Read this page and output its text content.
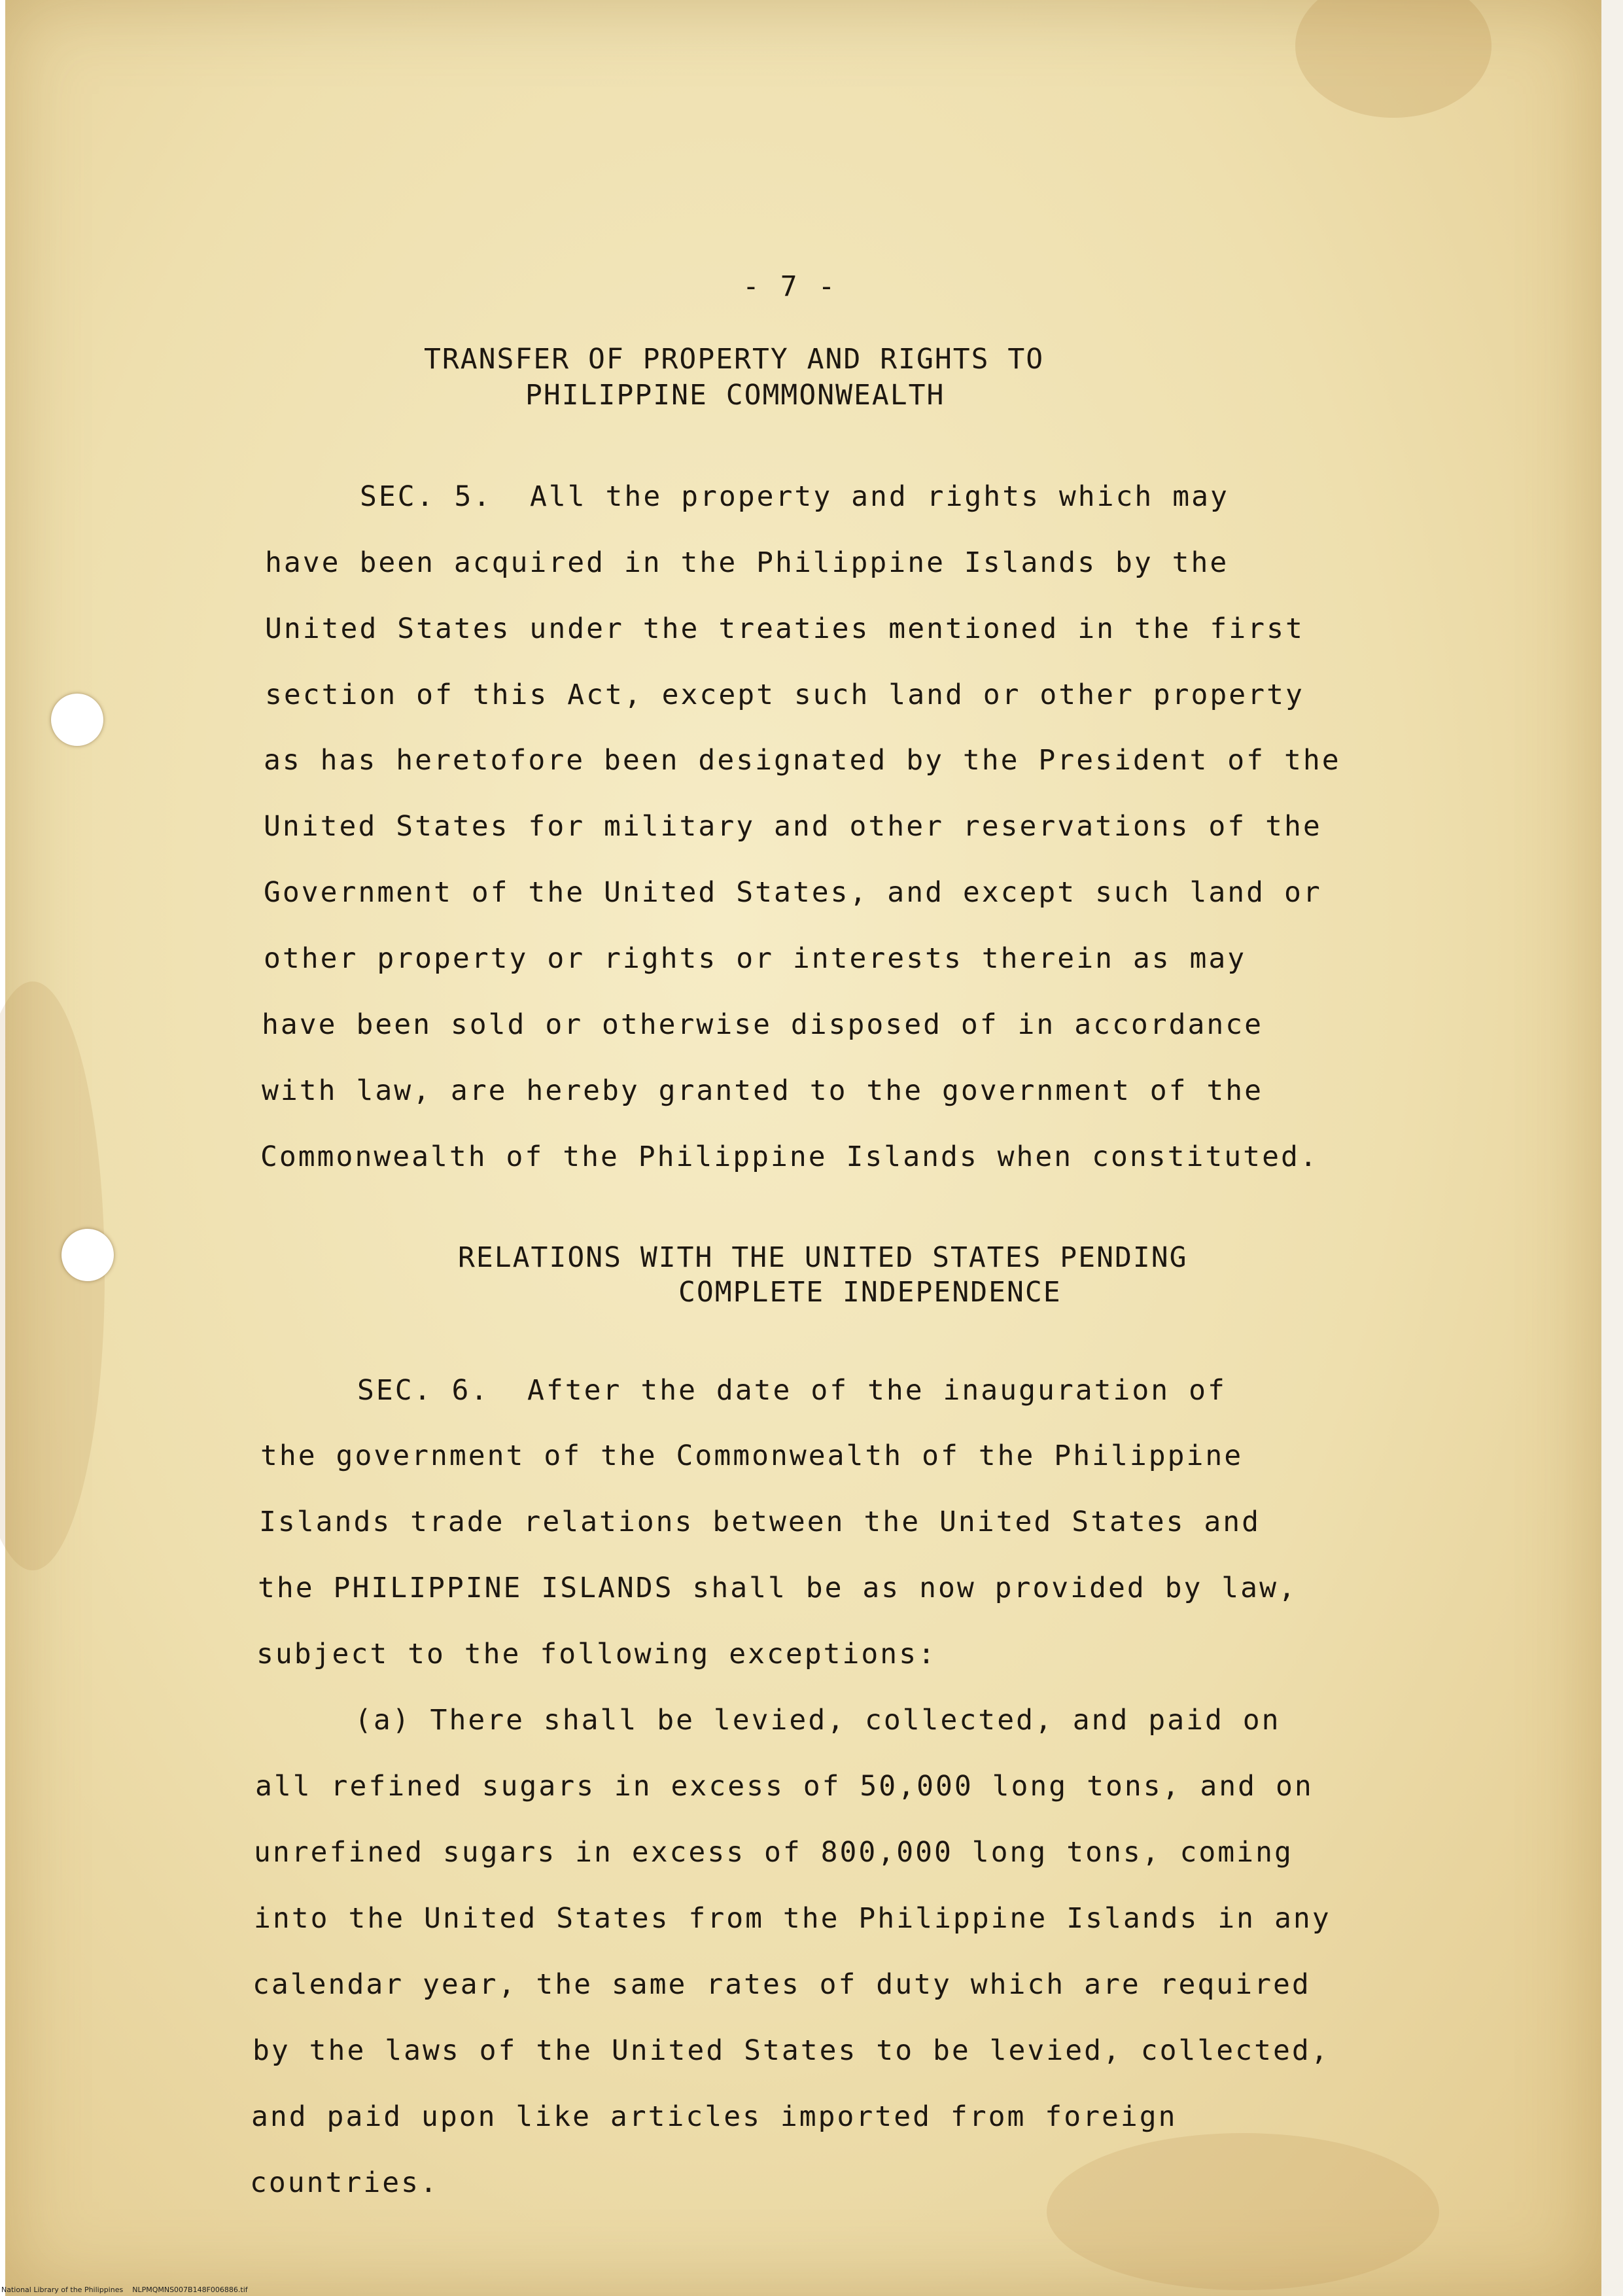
- 7 -
TRANSFER OF PROPERTY AND RIGHTS TO
PHILIPPINE COMMONWEALTH
SEC. 5.  All the property and rights which may
have been acquired in the Philippine Islands by the
United States under the treaties mentioned in the first
section of this Act, except such land or other property
as has heretofore been designated by the President of the
United States for military and other reservations of the
Government of the United States, and except such land or
other property or rights or interests therein as may
have been sold or otherwise disposed of in accordance
with law, are hereby granted to the government of the
Commonwealth of the Philippine Islands when constituted.
RELATIONS WITH THE UNITED STATES PENDING
COMPLETE INDEPENDENCE
SEC. 6.  After the date of the inauguration of
the government of the Commonwealth of the Philippine
Islands trade relations between the United States and
the PHILIPPINE ISLANDS shall be as now provided by law,
subject to the following exceptions:
(a) There shall be levied, collected, and paid on
all refined sugars in excess of 50,000 long tons, and on
unrefined sugars in excess of 800,000 long tons, coming
into the United States from the Philippine Islands in any
calendar year, the same rates of duty which are required
by the laws of the United States to be levied, collected,
and paid upon like articles imported from foreign
countries.
National Library of the Philippines NLPMQMNS007B148F006886.tif
